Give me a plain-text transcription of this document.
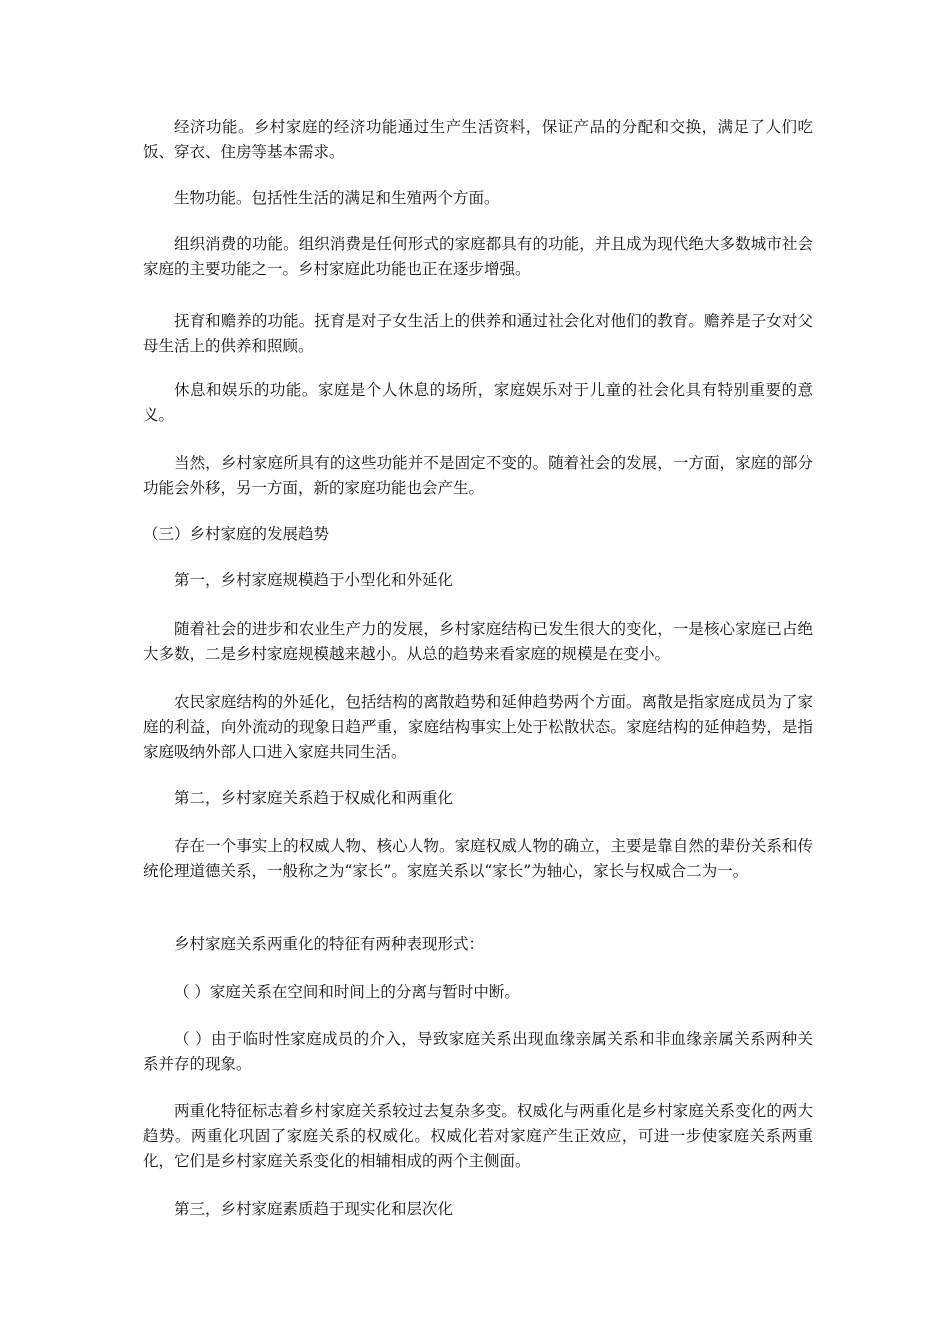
经济功能。乡村家庭的经济功能通过生产生活资料，保证产品的分配和交换，满足了人们吃饭、穿衣、住房等基本需求。

生物功能。包括性生活的满足和生殖两个方面。

组织消费的功能。组织消费是任何形式的家庭都具有的功能，并且成为现代绝大多数城市社会家庭的主要功能之一。乡村家庭此功能也正在逐步增强。

抚育和赡养的功能。抚育是对子女生活上的供养和通过社会化对他们的教育。赡养是子女对父母生活上的供养和照顾。

休息和娱乐的功能。家庭是个人休息的场所，家庭娱乐对于儿童的社会化具有特别重要的意义。

当然，乡村家庭所具有的这些功能并不是固定不变的。随着社会的发展，一方面，家庭的部分功能会外移，另一方面，新的家庭功能也会产生。

（三）乡村家庭的发展趋势

第一，乡村家庭规模趋于小型化和外延化

随着社会的进步和农业生产力的发展，乡村家庭结构已发生很大的变化，一是核心家庭已占绝大多数，二是乡村家庭规模越来越小。从总的趋势来看家庭的规模是在变小。

农民家庭结构的外延化，包括结构的离散趋势和延伸趋势两个方面。离散是指家庭成员为了家庭的利益，向外流动的现象日趋严重，家庭结构事实上处于松散状态。家庭结构的延伸趋势，是指家庭吸纳外部人口进入家庭共同生活。

第二，乡村家庭关系趋于权威化和两重化

存在一个事实上的权威人物、核心人物。家庭权威人物的确立，主要是靠自然的辈份关系和传统伦理道德关系，一般称之为“家长”。家庭关系以“家长”为轴心，家长与权威合二为一。

乡村家庭关系两重化的特征有两种表现形式：

（ ）家庭关系在空间和时间上的分离与暂时中断。

（ ）由于临时性家庭成员的介入，导致家庭关系出现血缘亲属关系和非血缘亲属关系两种关系并存的现象。

两重化特征标志着乡村家庭关系较过去复杂多变。权威化与两重化是乡村家庭关系变化的两大趋势。两重化巩固了家庭关系的权威化。权威化若对家庭产生正效应，可进一步使家庭关系两重化，它们是乡村家庭关系变化的相辅相成的两个主侧面。

第三，乡村家庭素质趋于现实化和层次化
